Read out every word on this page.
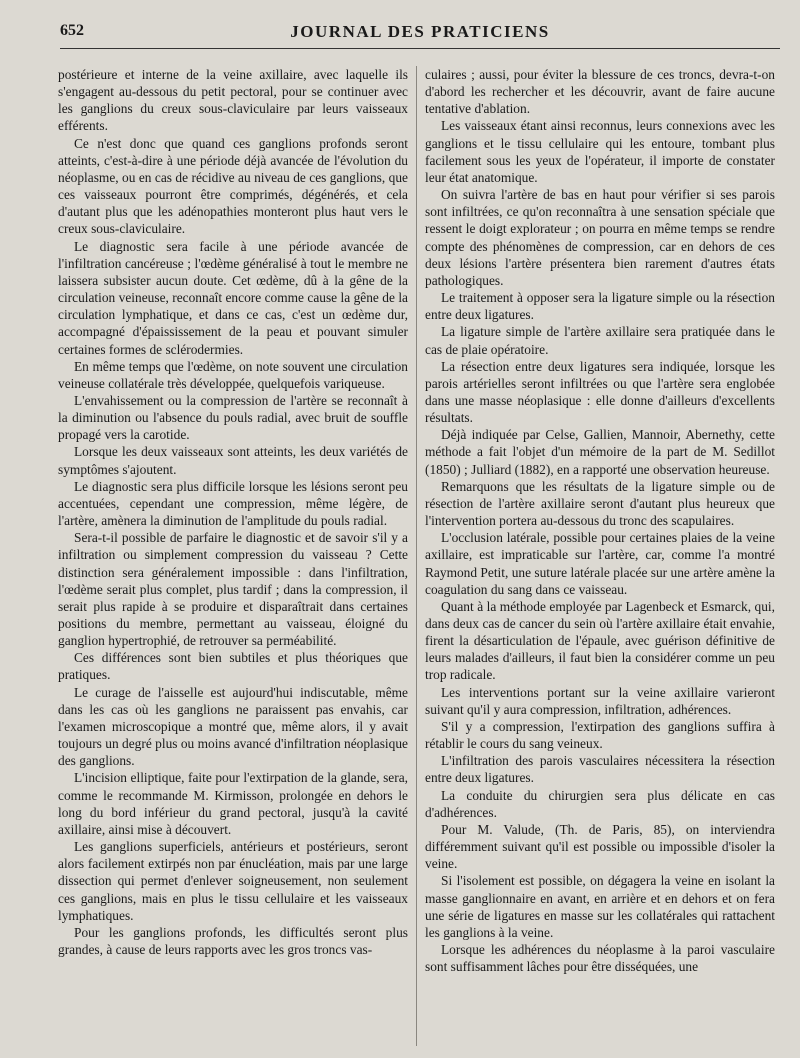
652	JOURNAL DES PRATICIENS

postérieure et interne de la veine axillaire, avec laquelle ils s'engagent au-dessous du petit pectoral, pour se continuer avec les ganglions du creux sous-claviculaire par leurs vaisseaux efférents.

Ce n'est donc que quand ces ganglions profonds seront atteints, c'est-à-dire à une période déjà avancée de l'évolution du néoplasme, ou en cas de récidive au niveau de ces ganglions, que ces vaisseaux pourront être comprimés, dégénérés, et cela d'autant plus que les adénopathies monteront plus haut vers le creux sous-claviculaire.

Le diagnostic sera facile à une période avancée de l'infiltration cancéreuse ; l'œdème généralisé à tout le membre ne laissera subsister aucun doute. Cet œdème, dû à la gêne de la circulation veineuse, reconnaît encore comme cause la gêne de la circulation lymphatique, et dans ce cas, c'est un œdème dur, accompagné d'épaississement de la peau et pouvant simuler certaines formes de sclérodermies.

En même temps que l'œdème, on note souvent une circulation veineuse collatérale très développée, quelquefois variqueuse.

L'envahissement ou la compression de l'artère se reconnaît à la diminution ou l'absence du pouls radial, avec bruit de souffle propagé vers la carotide.

Lorsque les deux vaisseaux sont atteints, les deux variétés de symptômes s'ajoutent.

Le diagnostic sera plus difficile lorsque les lésions seront peu accentuées, cependant une compression, même légère, de l'artère, amènera la diminution de l'amplitude du pouls radial.

Sera-t-il possible de parfaire le diagnostic et de savoir s'il y a infiltration ou simplement compression du vaisseau ? Cette distinction sera généralement impossible : dans l'infiltration, l'œdème serait plus complet, plus tardif ; dans la compression, il serait plus rapide à se produire et disparaîtrait dans certaines positions du membre, permettant au vaisseau, éloigné du ganglion hypertrophié, de retrouver sa perméabilité.

Ces différences sont bien subtiles et plus théoriques que pratiques.

Le curage de l'aisselle est aujourd'hui indiscutable, même dans les cas où les ganglions ne paraissent pas envahis, car l'examen microscopique a montré que, même alors, il y avait toujours un degré plus ou moins avancé d'infiltration néoplasique des ganglions.

L'incision elliptique, faite pour l'extirpation de la glande, sera, comme le recommande M. Kirmisson, prolongée en dehors le long du bord inférieur du grand pectoral, jusqu'à la cavité axillaire, ainsi mise à découvert.

Les ganglions superficiels, antérieurs et postérieurs, seront alors facilement extirpés non par énucléation, mais par une large dissection qui permet d'enlever soigneusement, non seulement ces ganglions, mais en plus le tissu cellulaire et les vaisseaux lymphatiques.

Pour les ganglions profonds, les difficultés seront plus grandes, à cause de leurs rapports avec les gros troncs vas-

culaires ; aussi, pour éviter la blessure de ces troncs, devra-t-on d'abord les rechercher et les découvrir, avant de faire aucune tentative d'ablation.

Les vaisseaux étant ainsi reconnus, leurs connexions avec les ganglions et le tissu cellulaire qui les entoure, tombant plus facilement sous les yeux de l'opérateur, il importe de constater leur état anatomique.

On suivra l'artère de bas en haut pour vérifier si ses parois sont infiltrées, ce qu'on reconnaîtra à une sensation spéciale que ressent le doigt explorateur ; on pourra en même temps se rendre compte des phénomènes de compression, car en dehors de ces deux lésions l'artère présentera bien rarement d'autres états pathologiques.

Le traitement à opposer sera la ligature simple ou la résection entre deux ligatures.

La ligature simple de l'artère axillaire sera pratiquée dans le cas de plaie opératoire.

La résection entre deux ligatures sera indiquée, lorsque les parois artérielles seront infiltrées ou que l'artère sera englobée dans une masse néoplasique : elle donne d'ailleurs d'excellents résultats.

Déjà indiquée par Celse, Gallien, Mannoir, Abernethy, cette méthode a fait l'objet d'un mémoire de la part de M. Sedillot (1850) ; Julliard (1882), en a rapporté une observation heureuse.

Remarquons que les résultats de la ligature simple ou de résection de l'artère axillaire seront d'autant plus heureux que l'intervention portera au-dessous du tronc des scapulaires.

L'occlusion latérale, possible pour certaines plaies de la veine axillaire, est impraticable sur l'artère, car, comme l'a montré Raymond Petit, une suture latérale placée sur une artère amène la coagulation du sang dans ce vaisseau.

Quant à la méthode employée par Lagenbeck et Esmarck, qui, dans deux cas de cancer du sein où l'artère axillaire était envahie, firent la désarticulation de l'épaule, avec guérison définitive de leurs malades d'ailleurs, il faut bien la considérer comme un peu trop radicale.

Les interventions portant sur la veine axillaire varieront suivant qu'il y aura compression, infiltration, adhérences.

S'il y a compression, l'extirpation des ganglions suffira à rétablir le cours du sang veineux.

L'infiltration des parois vasculaires nécessitera la résection entre deux ligatures.

La conduite du chirurgien sera plus délicate en cas d'adhérences.

Pour M. Valude, (Th. de Paris, 85), on interviendra différemment suivant qu'il est possible ou impossible d'isoler la veine.

Si l'isolement est possible, on dégagera la veine en isolant la masse ganglionnaire en avant, en arrière et en dehors et on fera une série de ligatures en masse sur les collatérales qui rattachent les ganglions à la veine.

Lorsque les adhérences du néoplasme à la paroi vasculaire sont suffisamment lâches pour être disséquées, une
